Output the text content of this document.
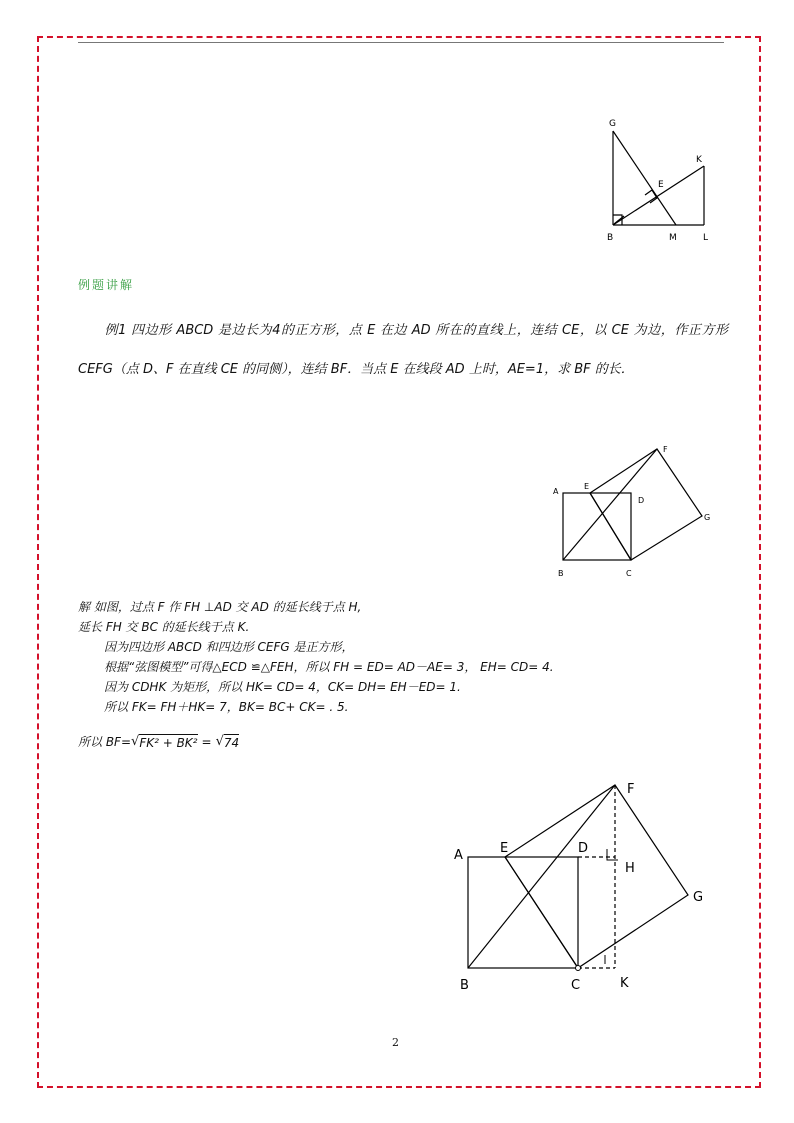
G
K
E
B	M	L
例题讲解
例1 四边形 ABCD 是边长为4的正方形，点 E 在边 AD 所在的直线上，连结 CE，以 CE 为边，作正方形 CEFG（点 D、F 在直线 CE 的同侧），连结 BF．当点 E 在线段 AD 上时，AE=1，求 BF 的长．
A
E
D
F
G
B	C
解 如图，过点 F 作 FH ⊥AD 交 AD 的延长线于点 H,
延长 FH 交 BC 的延长线于点 K.
因为四边形 ABCD 和四边形 CEFG 是正方形，
根据“弦图模型”可得△ECD ≌△FEH，所以 FH = ED= AD－AE= 3， EH= CD= 4.
因为 CDHK 为矩形，所以 HK= CD= 4，CK= DH= EH－ED= 1.
所以 FK= FH＋HK= 7，BK= BC+ CK= . 5.
所以 BF= √ FK² + BK² = √ 74
A	E	D
F
H
G
B	C	K
2
